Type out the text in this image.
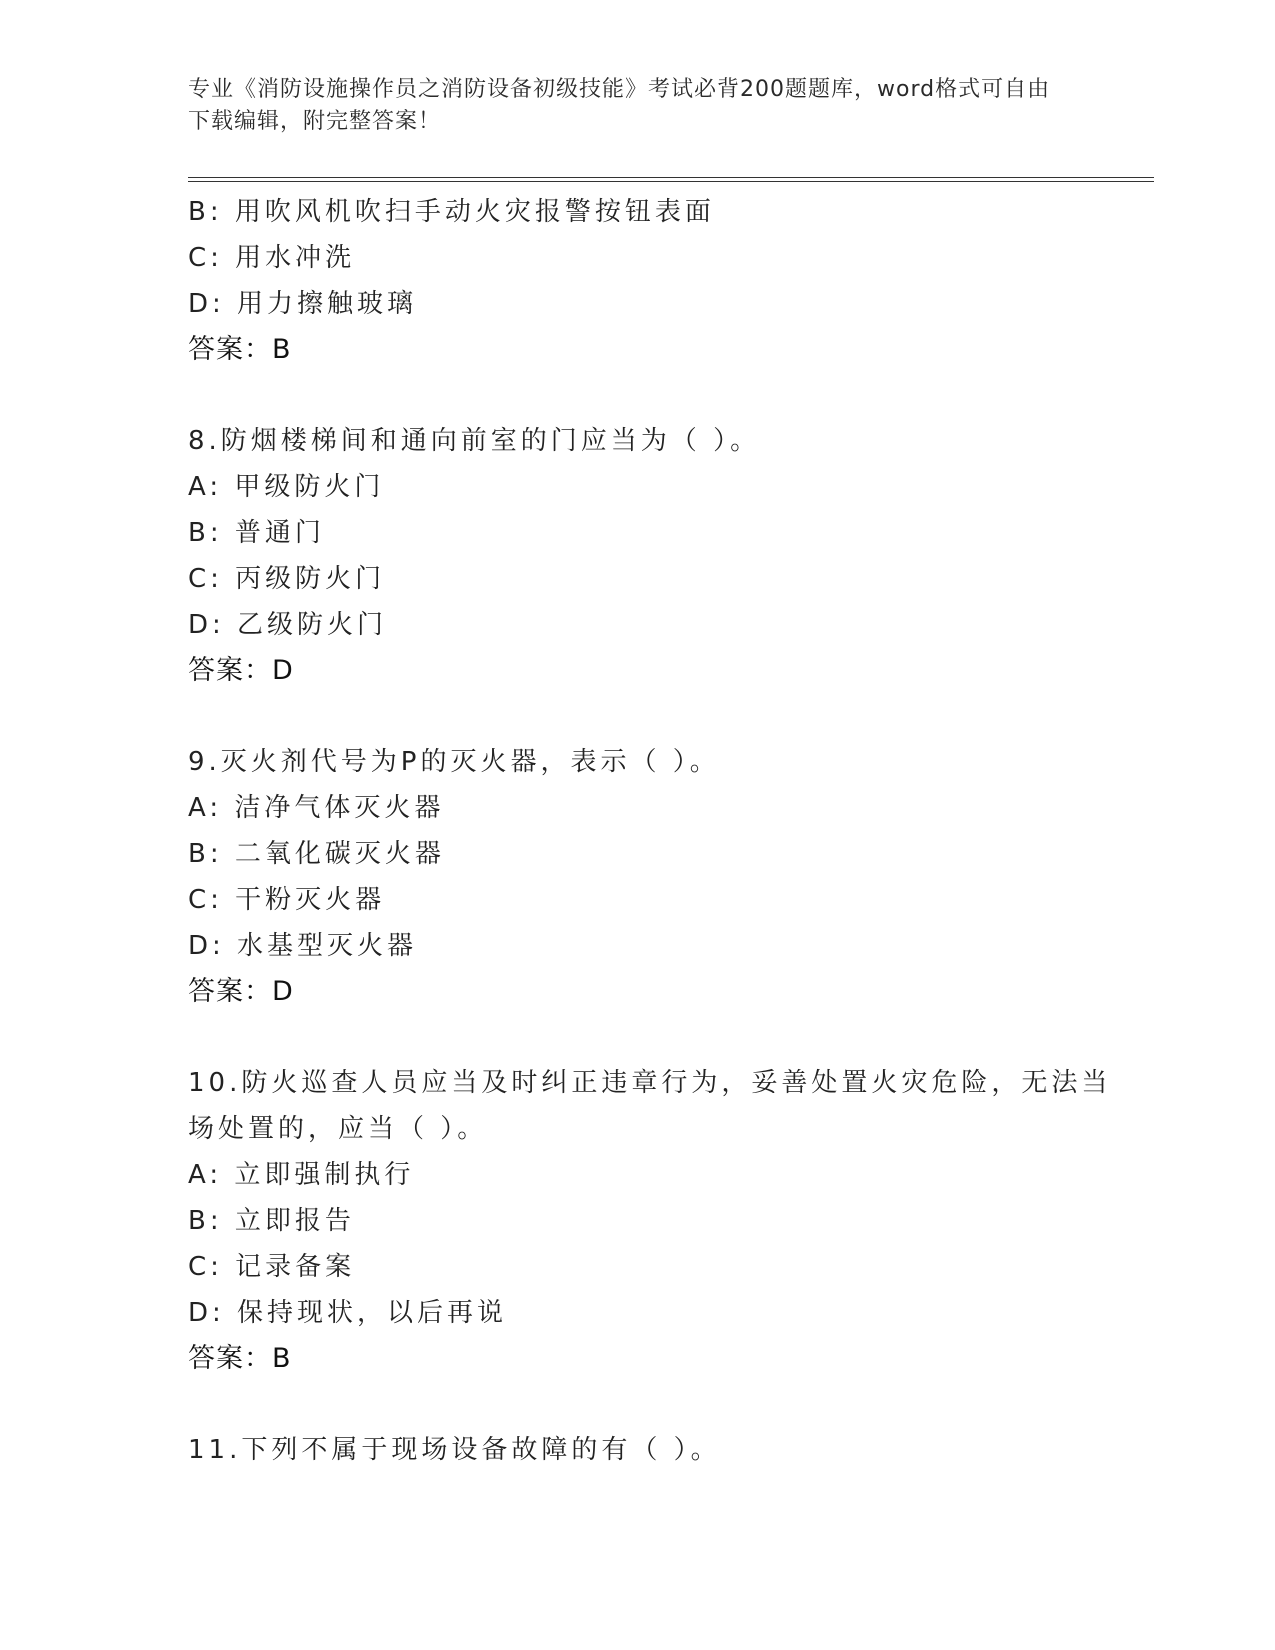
专业《消防设施操作员之消防设备初级技能》考试必背200题题库，word格式可自由下载编辑，附完整答案！
B: 用吹风机吹扫手动火灾报警按钮表面
C: 用水冲洗
D: 用力擦触玻璃
答案：B
8.防烟楼梯间和通向前室的门应当为（ ）。
A: 甲级防火门
B: 普通门
C: 丙级防火门
D: 乙级防火门
答案：D
9.灭火剂代号为P的灭火器，表示（ ）。
A: 洁净气体灭火器
B: 二氧化碳灭火器
C: 干粉灭火器
D: 水基型灭火器
答案：D
10.防火巡查人员应当及时纠正违章行为，妥善处置火灾危险，无法当
场处置的，应当（ ）。
A: 立即强制执行
B: 立即报告
C: 记录备案
D: 保持现状，以后再说
答案：B
11.下列不属于现场设备故障的有（ ）。
